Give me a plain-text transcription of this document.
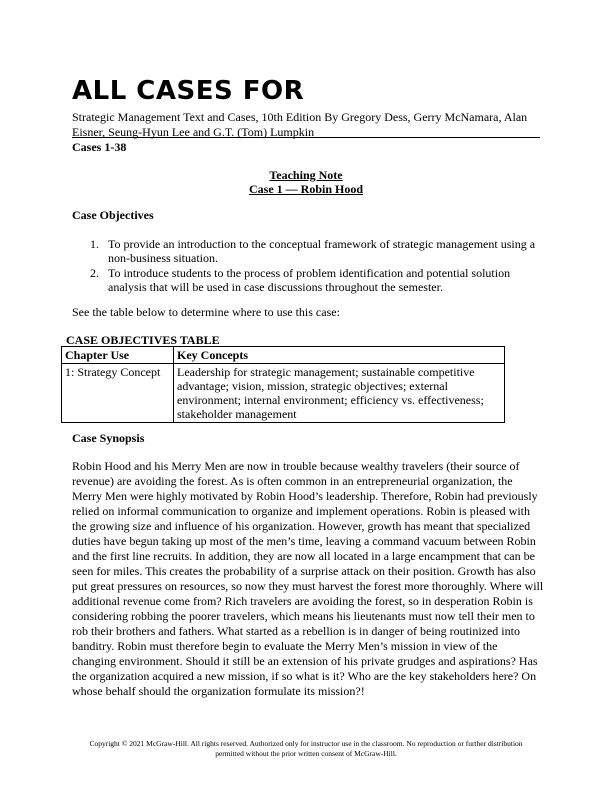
ALL CASES FOR
Strategic Management Text and Cases, 10th Edition By Gregory Dess, Gerry McNamara, Alan Eisner, Seung-Hyun Lee and G.T. (Tom) Lumpkin
Cases 1-38
Teaching Note
Case 1 — Robin Hood
Case Objectives
1. To provide an introduction to the conceptual framework of strategic management using a non-business situation.
2. To introduce students to the process of problem identification and potential solution analysis that will be used in case discussions throughout the semester.
See the table below to determine where to use this case:
CASE OBJECTIVES TABLE
Chapter Use	Key Concepts
1: Strategy Concept	Leadership for strategic management; sustainable competitive advantage; vision, mission, strategic objectives; external environment; internal environment; efficiency vs. effectiveness; stakeholder management
Case Synopsis

Robin Hood and his Merry Men are now in trouble because wealthy travelers (their source of revenue) are avoiding the forest. As is often common in an entrepreneurial organization, the Merry Men were highly motivated by Robin Hood’s leadership. Therefore, Robin had previously relied on informal communication to organize and implement operations. Robin is pleased with the growing size and influence of his organization. However, growth has meant that specialized duties have begun taking up most of the men’s time, leaving a command vacuum between Robin and the first line recruits. In addition, they are now all located in a large encampment that can be seen for miles. This creates the probability of a surprise attack on their position. Growth has also put great pressures on resources, so now they must harvest the forest more thoroughly. Where will additional revenue come from? Rich travelers are avoiding the forest, so in desperation Robin is considering robbing the poorer travelers, which means his lieutenants must now tell their men to rob their brothers and fathers. What started as a rebellion is in danger of being routinized into banditry. Robin must therefore begin to evaluate the Merry Men’s mission in view of the changing environment. Should it still be an extension of his private grudges and aspirations? Has the organization acquired a new mission, if so what is it? Who are the key stakeholders here? On whose behalf should the organization formulate its mission?!

Copyright © 2021 McGraw-Hill. All rights reserved. Authorized only for instructor use in the classroom. No reproduction or further distribution
permitted without the prior written consent of McGraw-Hill.
